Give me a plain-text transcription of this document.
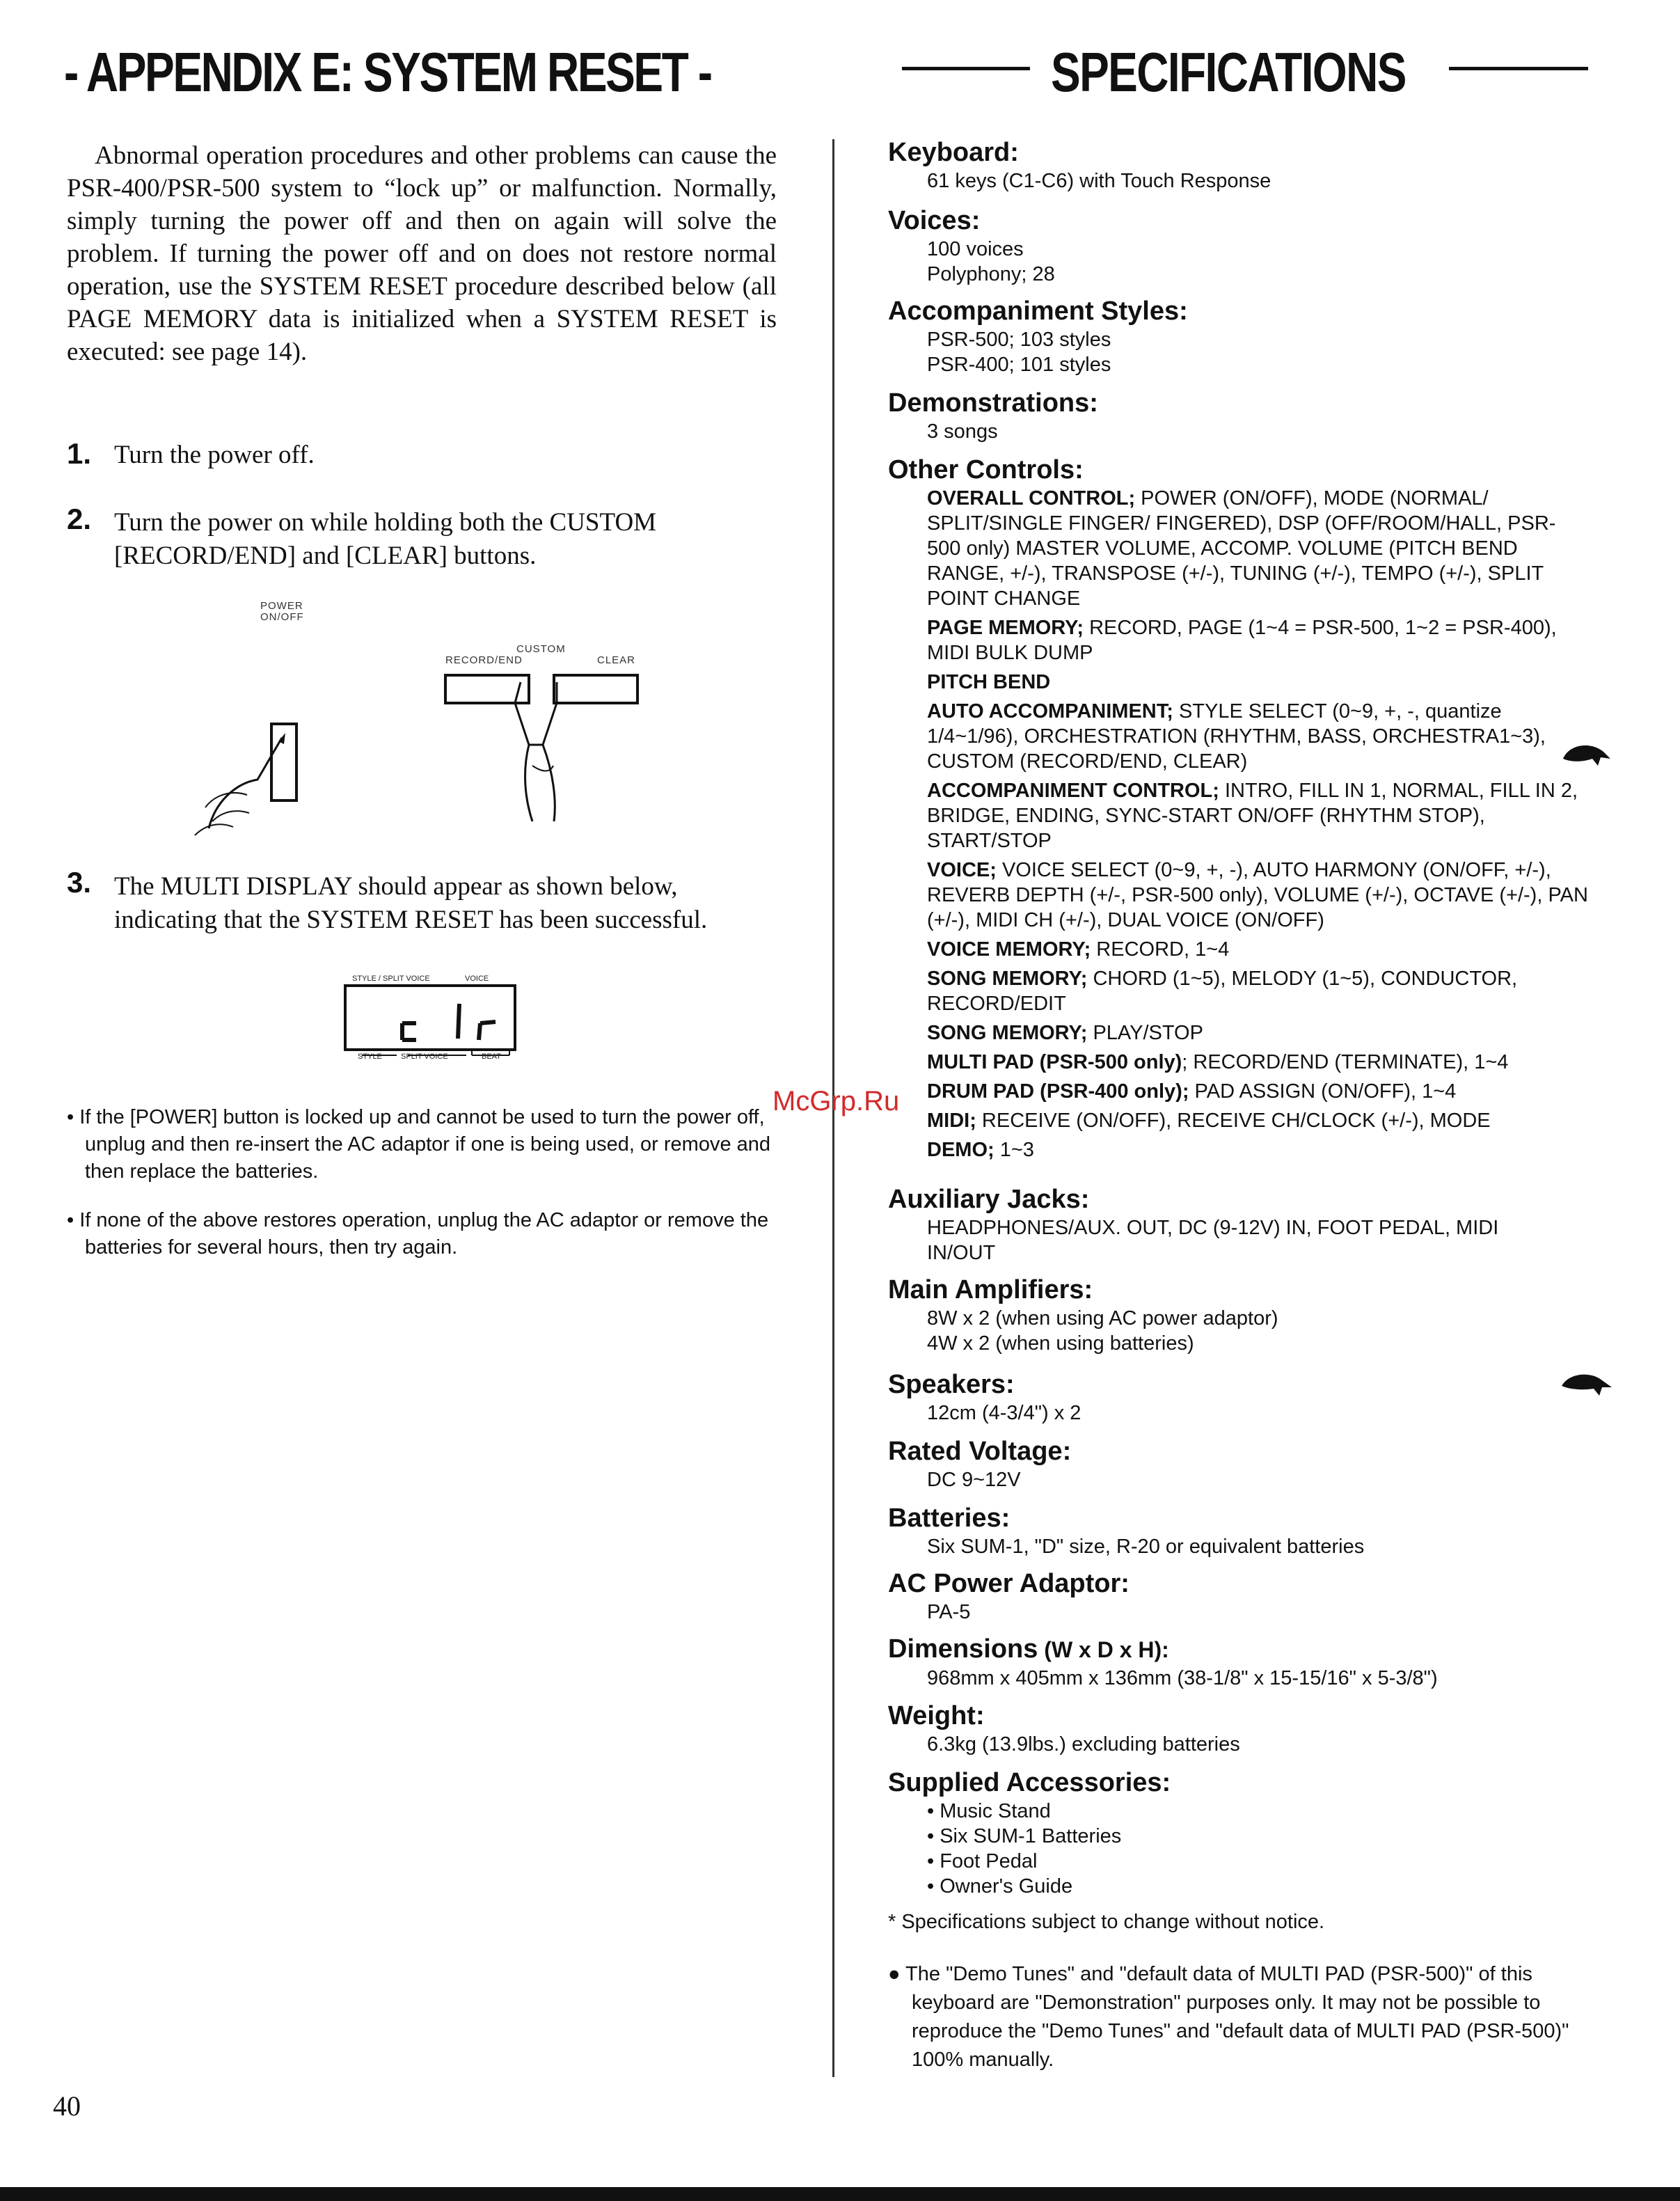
- APPENDIX E: SYSTEM RESET -

Abnormal operation procedures and other problems can cause the PSR-400/PSR-500 system to “lock up” or malfunction. Normally, simply turning the power off and then on again will solve the problem. If turning the power off and on does not restore normal operation, use the SYSTEM RESET procedure described below (all PAGE MEMORY data is initialized when a SYSTEM RESET is executed: see page 14).

1. Turn the power off.

2. Turn the power on while holding both the CUSTOM [RECORD/END] and [CLEAR] buttons.

POWER
ON/OFF
CUSTOM
RECORD/END	CLEAR
3. The MULTI DISPLAY should appear as shown below, indicating that the SYSTEM RESET has been successful.

STYLE / SPLIT VOICE	VOICE
STYLE SPLIT VOICE	BEAT

• If the [POWER] button is locked up and cannot be used to turn the power off, unplug and then re-insert the AC adaptor if one is being used, or remove and then replace the batteries.

• If none of the above restores operation, unplug the AC adaptor or remove the batteries for several hours, then try again.

40
SPECIFICATIONS

Keyboard:

61 keys (C1-C6) with Touch Response

Voices:

100 voices

Polyphony; 28

Accompaniment Styles:

PSR-500; 103 styles

PSR-400; 101 styles

Demonstrations:

3 songs

Other Controls:

OVERALL CONTROL; POWER (ON/OFF), MODE (NORMAL/ SPLIT/SINGLE FINGER/ FINGERED), DSP (OFF/ROOM/HALL, PSR-500 only) MASTER VOLUME, ACCOMP. VOLUME (PITCH BEND RANGE, +/-), TRANSPOSE (+/-), TUNING (+/-), TEMPO (+/-), SPLIT POINT CHANGE

PAGE MEMORY; RECORD, PAGE (1~4 = PSR-500, 1~2 = PSR-400), MIDI BULK DUMP

PITCH BEND

AUTO ACCOMPANIMENT; STYLE SELECT (0~9, +, -, quantize 1/4~1/96), ORCHESTRATION (RHYTHM, BASS, ORCHESTRA1~3), CUSTOM (RECORD/END, CLEAR)

ACCOMPANIMENT CONTROL; INTRO, FILL IN 1, NORMAL, FILL IN 2, BRIDGE, ENDING, SYNC-START ON/OFF (RHYTHM STOP), START/STOP

VOICE; VOICE SELECT (0~9, +, -), AUTO HARMONY (ON/OFF, +/-), REVERB DEPTH (+/-, PSR-500 only), VOLUME (+/-), OCTAVE (+/-), PAN (+/-), MIDI CH (+/-), DUAL VOICE (ON/OFF)

VOICE MEMORY; RECORD, 1~4

SONG MEMORY; CHORD (1~5), MELODY (1~5), CONDUCTOR, RECORD/EDIT

SONG MEMORY; PLAY/STOP

MULTI PAD (PSR-500 only); RECORD/END (TERMINATE), 1~4

DRUM PAD (PSR-400 only); PAD ASSIGN (ON/OFF), 1~4

MIDI; RECEIVE (ON/OFF), RECEIVE CH/CLOCK (+/-), MODE

DEMO; 1~3

Auxiliary Jacks:

HEADPHONES/AUX. OUT, DC (9-12V) IN, FOOT PEDAL, MIDI IN/OUT

Main Amplifiers:

8W x 2 (when using AC power adaptor)

4W x 2 (when using batteries)

Speakers:

12cm (4-3/4") x 2

Rated Voltage:

DC 9~12V

Batteries:

Six SUM-1, "D" size, R-20 or equivalent batteries

AC Power Adaptor:

PA-5

Dimensions (W x D x H):

968mm x 405mm x 136mm (38-1/8" x 15-15/16" x 5-3/8")

Weight:

6.3kg (13.9lbs.) excluding batteries

Supplied Accessories:

• Music Stand

• Six SUM-1 Batteries

• Foot Pedal

• Owner's Guide

* Specifications subject to change without notice.

● The "Demo Tunes" and "default data of MULTI PAD (PSR-500)" of this keyboard are "Demonstration" purposes only. It may not be possible to reproduce the "Demo Tunes" and "default data of MULTI PAD (PSR-500)" 100% manually.

McGrp.Ru
